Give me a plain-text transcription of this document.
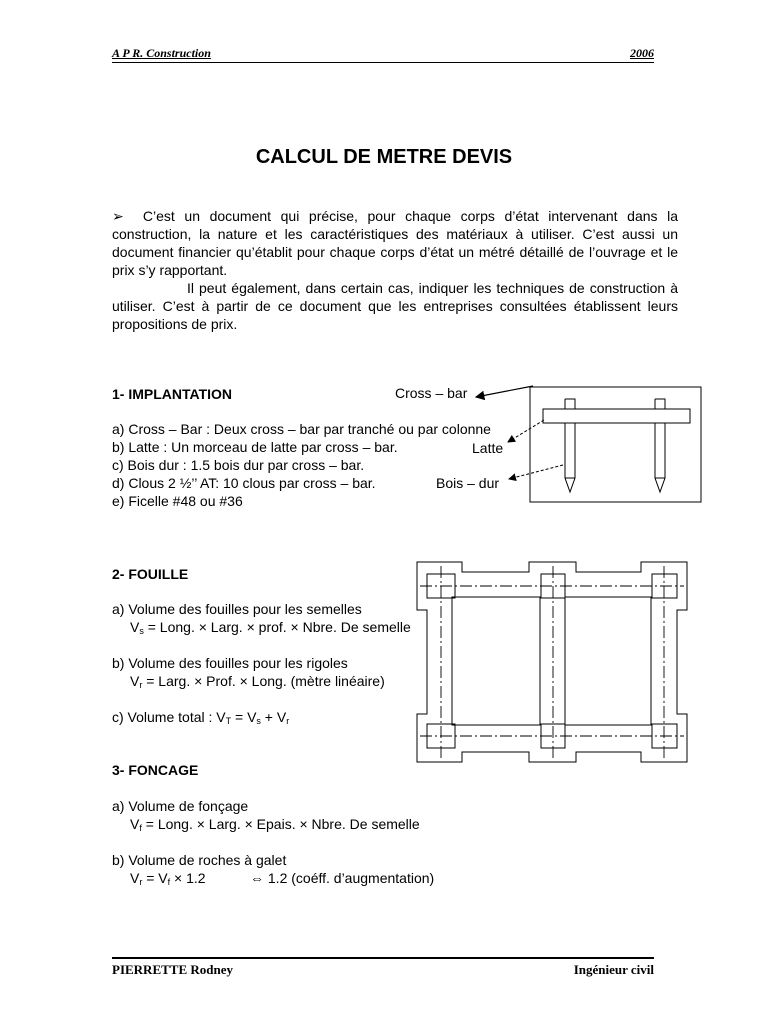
A P R. Construction	2006
CALCUL DE METRE DEVIS
➢ C’est un document qui précise, pour chaque corps d’état intervenant dans la construction, la nature et les caractéristiques des matériaux à utiliser. C’est aussi un document financier qu’établit pour chaque corps d’état un métré détaillé de l’ouvrage et le prix s’y rapportant.
Il peut également, dans certain cas, indiquer les techniques de construction à utiliser. C’est à partir de ce document que les entreprises consultées établissent leurs propositions de prix.
1- IMPLANTATION
a) Cross – Bar : Deux cross – bar par tranché ou par colonne
b) Latte : Un morceau de latte par cross – bar.
c) Bois dur : 1.5 bois dur par cross – bar.
d) Clous 2 ½’’ AT: 10 clous par cross – bar.
e) Ficelle #48 ou #36
Cross – bar
Latte
Bois – dur
2- FOUILLE
a) Volume des fouilles pour les semelles
$V_s$ = Long. × Larg. × prof. × Nbre. De semelle
b) Volume des fouilles pour les rigoles
$V_r$ = Larg. × Prof. × Long. (mètre linéaire)
c) Volume total : $V_T = V_s + V_r$
3- FONCAGE
a) Volume de fonçage
$V_f$ = Long. × Larg. × Epais. × Nbre. De semelle
b) Volume de roches à galet
$V_r = V_f \times 1.2$	⇔ 1.2 (coéff. d’augmentation)
PIERRETTE Rodney	Ingénieur civil
